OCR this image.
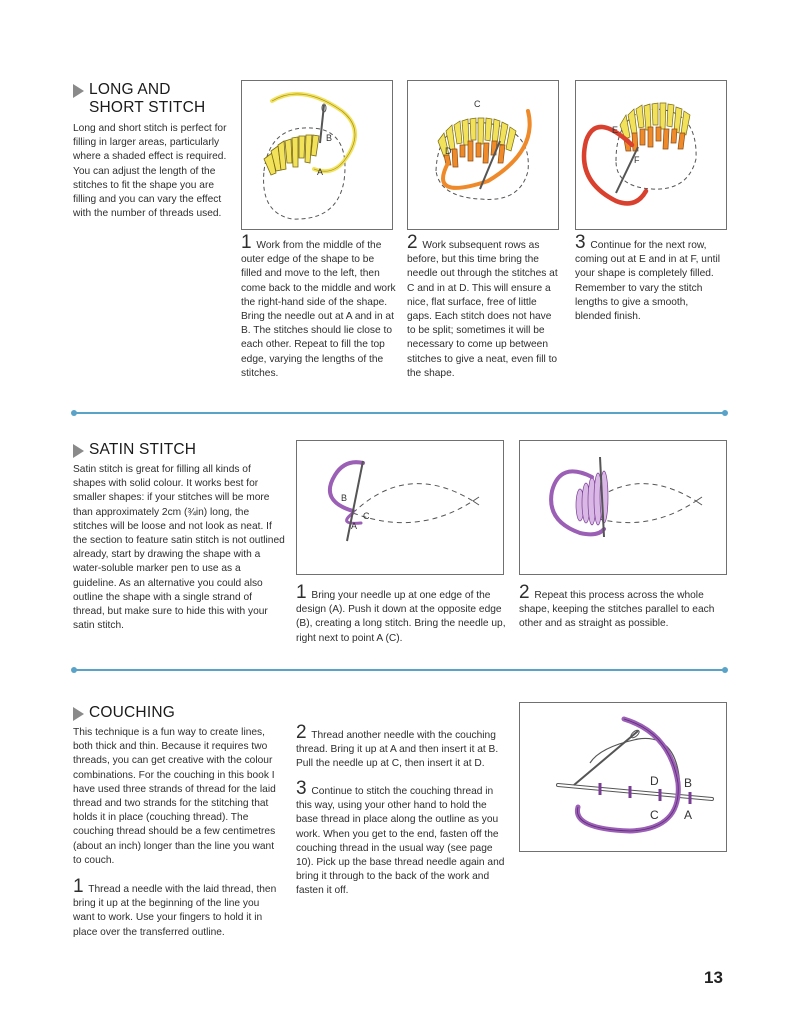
LONG AND
SHORT STITCH
Long and short stitch is perfect for filling in larger areas, particularly where a shaded effect is required. You can adjust the length of the stitches to fit the shape you are filling and you can vary the effect with the number of threads used.
B
A
C
D
E
F
1 Work from the middle of the outer edge of the shape to be filled and move to the left, then come back to the middle and work the right-hand side of the shape. Bring the needle out at A and in at B. The stitches should lie close to each other. Repeat to fill the top edge, varying the lengths of the stitches.
2 Work subsequent rows as before, but this time bring the needle out through the stitches at C and in at D. This will ensure a nice, flat surface, free of little gaps. Each stitch does not have to be split; sometimes it will be necessary to come up between stitches to give a neat, even fill to the shape.
3 Continue for the next row, coming out at E and in at F, until your shape is completely filled. Remember to vary the stitch lengths to give a smooth, blended finish.
SATIN STITCH
Satin stitch is great for filling all kinds of shapes with solid colour. It works best for smaller shapes: if your stitches will be more than approximately 2cm (¾in) long, the stitches will be loose and not look as neat. If the section to feature satin stitch is not outlined already, start by drawing the shape with a water-soluble marker pen to use as a guideline. As an alternative you could also outline the shape with a single strand of thread, but make sure to hide this with your satin stitch.
B
C
A
1 Bring your needle up at one edge of the design (A). Push it down at the opposite edge (B), creating a long stitch. Bring the needle up, right next to point A (C).
2 Repeat this process across the whole shape, keeping the stitches parallel to each other and as straight as possible.
COUCHING
This technique is a fun way to create lines, both thick and thin. Because it requires two threads, you can get creative with the colour combinations. For the couching in this book I have used three strands of thread for the laid thread and two strands for the stitching that holds it in place (couching thread). The couching thread should be a few centimetres (about an inch) longer than the line you want to couch.
1 Thread a needle with the laid thread, then bring it up at the beginning of the line you want to work. Use your fingers to hold it in place over the transferred outline.
2 Thread another needle with the couching thread. Bring it up at A and then insert it at B. Pull the needle up at C, then insert it at D.
3 Continue to stitch the couching thread in this way, using your other hand to hold the base thread in place along the outline as you work. When you get to the end, fasten off the couching thread in the usual way (see page 10). Pick up the base thread needle again and bring it through to the back of the work and fasten it off.
D B
C A
13
